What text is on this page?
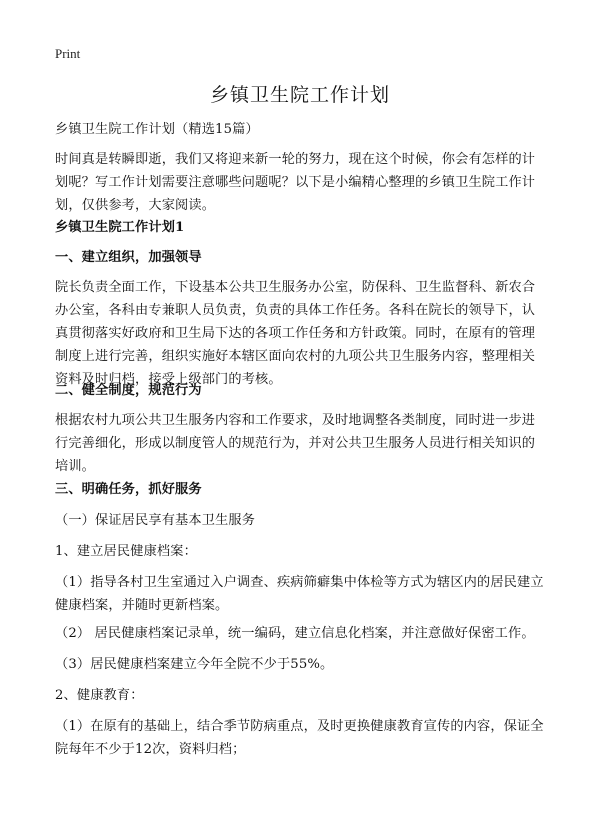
Print
乡镇卫生院工作计划

乡镇卫生院工作计划（精选15篇）

时间真是转瞬即逝，我们又将迎来新一轮的努力，现在这个时候，你会有怎样的计划呢？写工作计划需要注意哪些问题呢？以下是小编精心整理的乡镇卫生院工作计划，仅供参考，大家阅读。

乡镇卫生院工作计划1

一、建立组织，加强领导

院长负责全面工作，下设基本公共卫生服务办公室，防保科、卫生监督科、新农合办公室，各科由专兼职人员负责，负责的具体工作任务。各科在院长的领导下，认真贯彻落实好政府和卫生局下达的各项工作任务和方针政策。同时，在原有的管理制度上进行完善，组织实施好本辖区面向农村的九项公共卫生服务内容，整理相关资料及时归档，接受上级部门的考核。

二、健全制度，规范行为

根据农村九项公共卫生服务内容和工作要求，及时地调整各类制度，同时进一步进行完善细化，形成以制度管人的规范行为，并对公共卫生服务人员进行相关知识的培训。

三、明确任务，抓好服务

（一）保证居民享有基本卫生服务

1、建立居民健康档案：

（1）指导各村卫生室通过入户调查、疾病筛癖集中体检等方式为辖区内的居民建立健康档案，并随时更新档案。

（2） 居民健康档案记录单，统一编码，建立信息化档案，并注意做好保密工作。

（3）居民健康档案建立今年全院不少于55%。

2、健康教育：

（1）在原有的基础上，结合季节防病重点，及时更换健康教育宣传的内容，保证全院每年不少于12次，资料归档；
